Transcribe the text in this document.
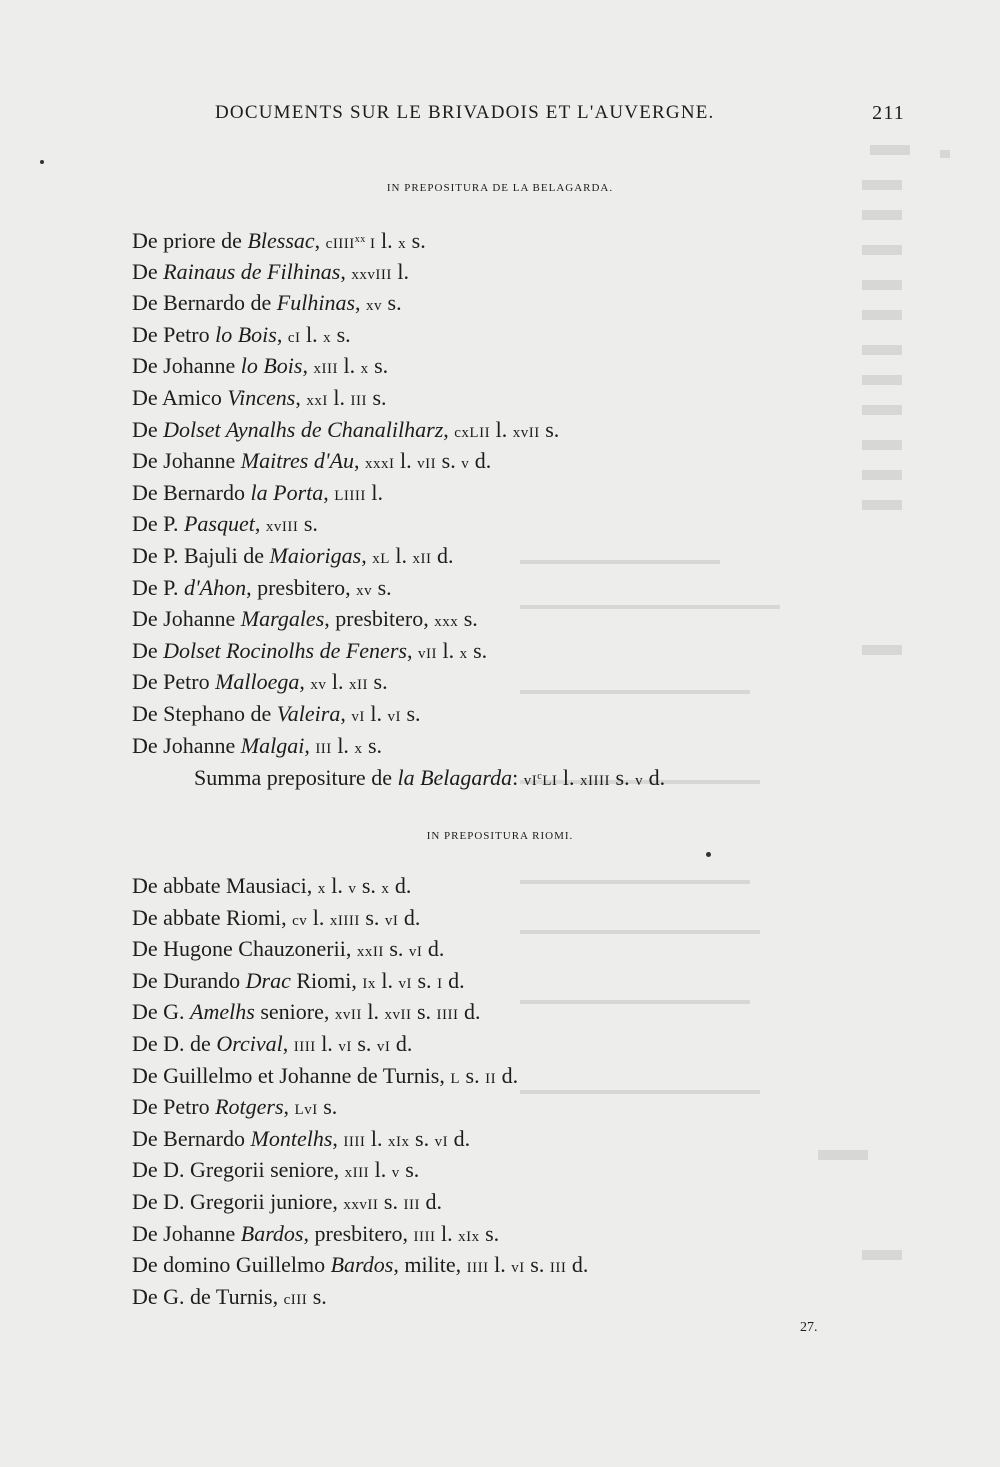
DOCUMENTS SUR LE BRIVADOIS ET L'AUVERGNE.	211
IN PREPOSITURA DE LA BELAGARDA.
De priore de Blessac, cIIII$^{xx}$ I l. x s.
De Rainaus de Filhinas, xxvIII l.
De Bernardo de Fulhinas, xv s.
De Petro lo Bois, cI l. x s.
De Johanne lo Bois, xIII l. x s.
De Amico Vincens, xxI l. III s.
De Dolset Aynalhs de Chanalilharz, cxLII l. xvII s.
De Johanne Maitres d'Au, xxxI l. vII s. v d.
De Bernardo la Porta, LIIII l.
De P. Pasquet, xvIII s.
De P. Bajuli de Maiorigas, xL l. xII d.
De P. d'Ahon, presbitero, xv s.
De Johanne Margales, presbitero, xxx s.
De Dolset Rocinolhs de Feners, vII l. x s.
De Petro Malloega, xv l. xII s.
De Stephano de Valeira, vI l. vI s.
De Johanne Malgai, III l. x s.
Summa prepositure de la Belagarda: $vI^cLI$ l. xIIII s. v d.
IN PREPOSITURA RIOMI.
De abbate Mausiaci, x l. v s. x d.
De abbate Riomi, cv l. xIIII s. vI d.
De Hugone Chauzonerii, xxII s. vI d.
De Durando Drac Riomi, Ix l. vI s. I d.
De G. Amelhs seniore, xvII l. xvII s. IIII d.
De D. de Orcival, IIII l. vI s. vI d.
De Guillelmo et Johanne de Turnis, L s. II d.
De Petro Rotgers, LvI s.
De Bernardo Montelhs, IIII l. xIx s. vI d.
De D. Gregorii seniore, xIII l. v s.
De D. Gregorii juniore, xxvII s. III d.
De Johanne Bardos, presbitero, IIII l. xIx s.
De domino Guillelmo Bardos, milite, IIII l. vI s. III d.
De G. de Turnis, cIII s.
27.
